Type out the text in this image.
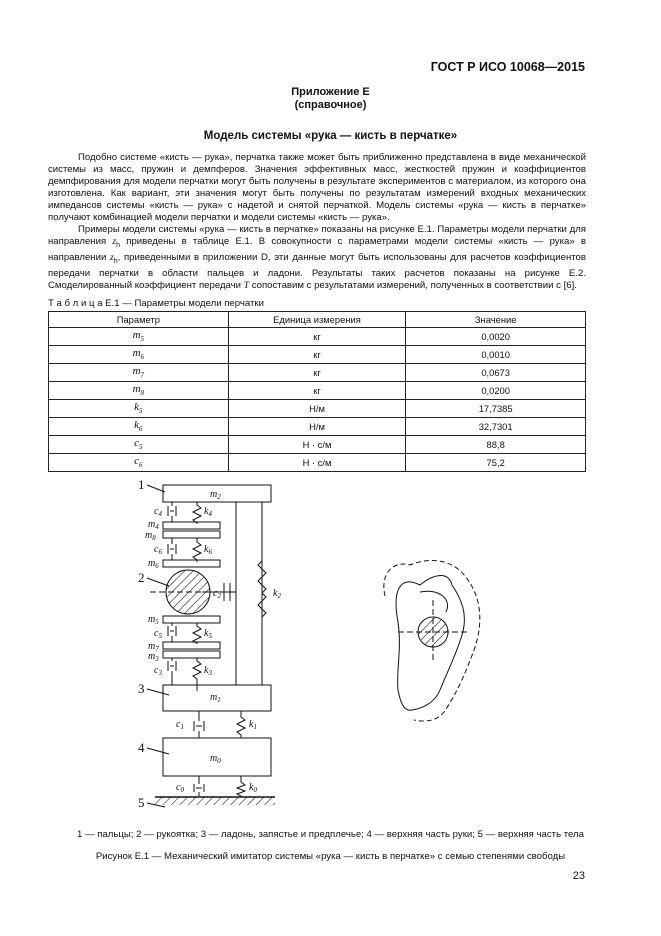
ГОСТ Р ИСО 10068—2015
Приложение Е
(справочное)
Модель системы «рука — кисть в перчатке»
Подобно системе «кисть — рука», перчатка также может быть приближенно представлена в виде механической системы из масс, пружин и демпферов. Значения эффективных масс, жесткостей пружин и коэффициентов демпфирования для модели перчатки могут быть получены в результате экспериментов с материалом, из которого она изготовлена. Как вариант, эти значения могут быть получены по результатам измерений входных механических импедансов системы «кисть — рука» с надетой и снятой перчаткой. Модель системы «рука — кисть в перчатке» получают комбинацией модели перчатки и модели системы «кисть — рука».
Примеры модели системы «рука — кисть в перчатке» показаны на рисунке Е.1. Параметры модели перчатки для направления $z_h$ приведены в таблице Е.1. В совокупности с параметрами модели системы «кисть — рука» в направлении $z_h$, приведенными в приложении D, эти данные могут быть использованы для расчетов коэффициентов передачи перчатки в области пальцев и ладони. Результаты таких расчетов показаны на рисунке Е.2. Смоделированный коэффициент передачи T сопоставим с результатами измерений, полученных в соответствии с [6].
Т а б л и ц а Е.1 — Параметры модели перчатки
Параметр	Единица измерения	Значение
$m_5$	кг	0,0020
$m_6$	кг	0,0010
$m_7$	кг	0,0673
$m_8$	кг	0,0200
$k_5$	Н/м	17,7385
$k_6$	Н/м	32,7301
$c_5$	Н · с/м	88,8
$c_6$	Н · с/м	75,2
1
2
3
4
5
$m_2$
$c_4$	$k_4$
$m_4$
$m_8$
$c_6$	$k_6$
$m_6$
$c_2$	$k_2$
$m_5$
$c_5$	$k_5$
$m_7$
$m_3$
$c_3$	$k_3$
$m_1$
$c_1$	$k_1$
$m_0$
$c_0$	$k_0$
1 — пальцы; 2 — рукоятка; 3 — ладонь, запястье и предплечье; 4 — верхняя часть руки; 5 — верхняя часть тела
Рисунок Е.1 — Механический имитатор системы «рука — кисть в перчатке» с семью степенями свободы
23
